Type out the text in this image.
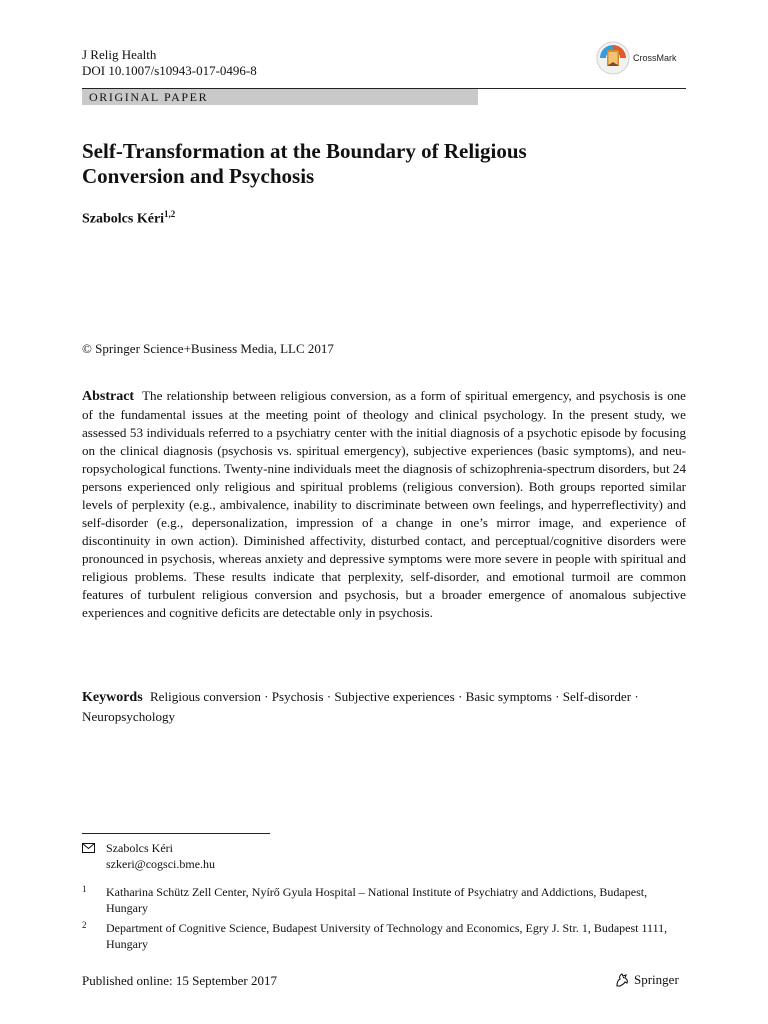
J Relig Health
DOI 10.1007/s10943-017-0496-8
ORIGINAL PAPER
CrossMark
Self-Transformation at the Boundary of Religious
Conversion and Psychosis
Szabolcs Kéri$^{1,2}$
© Springer Science+Business Media, LLC 2017
Abstract The relationship between religious conversion, as a form of spiritual emergency, and psychosis is one of the fundamental issues at the meeting point of theology and clinical psychology. In the present study, we assessed 53 individuals referred to a psychiatry center with the initial diagnosis of a psychotic episode by focusing on the clinical diagnosis (psychosis vs. spiritual emergency), subjective experiences (basic symptoms), and neuropsychological functions. Twenty-nine individuals meet the diagnosis of schizophrenia-spectrum disorders, but 24 persons experienced only religious and spiritual problems (religious conversion). Both groups reported similar levels of perplexity (e.g., ambivalence, inability to discriminate between own feelings, and hyperreflectivity) and self-disorder (e.g., depersonalization, impression of a change in one’s mirror image, and experience of discontinuity in own action). Diminished affectivity, disturbed contact, and perceptual/cognitive disorders were pronounced in psychosis, whereas anxiety and depressive symptoms were more severe in people with spiritual and religious problems. These results indicate that perplexity, self-disorder, and emotional turmoil are common features of turbulent religious conversion and psychosis, but a broader emergence of anomalous subjective experiences and cognitive deficits are detectable only in psychosis.
Keywords Religious conversion · Psychosis · Subjective experiences · Basic symptoms · Self-disorder · Neuropsychology
Szabolcs Kéri
szkeri@cogsci.bme.hu
1 Katharina Schütz Zell Center, Nyírő Gyula Hospital – National Institute of Psychiatry and Addictions, Budapest, Hungary
2 Department of Cognitive Science, Budapest University of Technology and Economics, Egry J. Str. 1, Budapest 1111, Hungary
Published online: 15 September 2017	Springer
